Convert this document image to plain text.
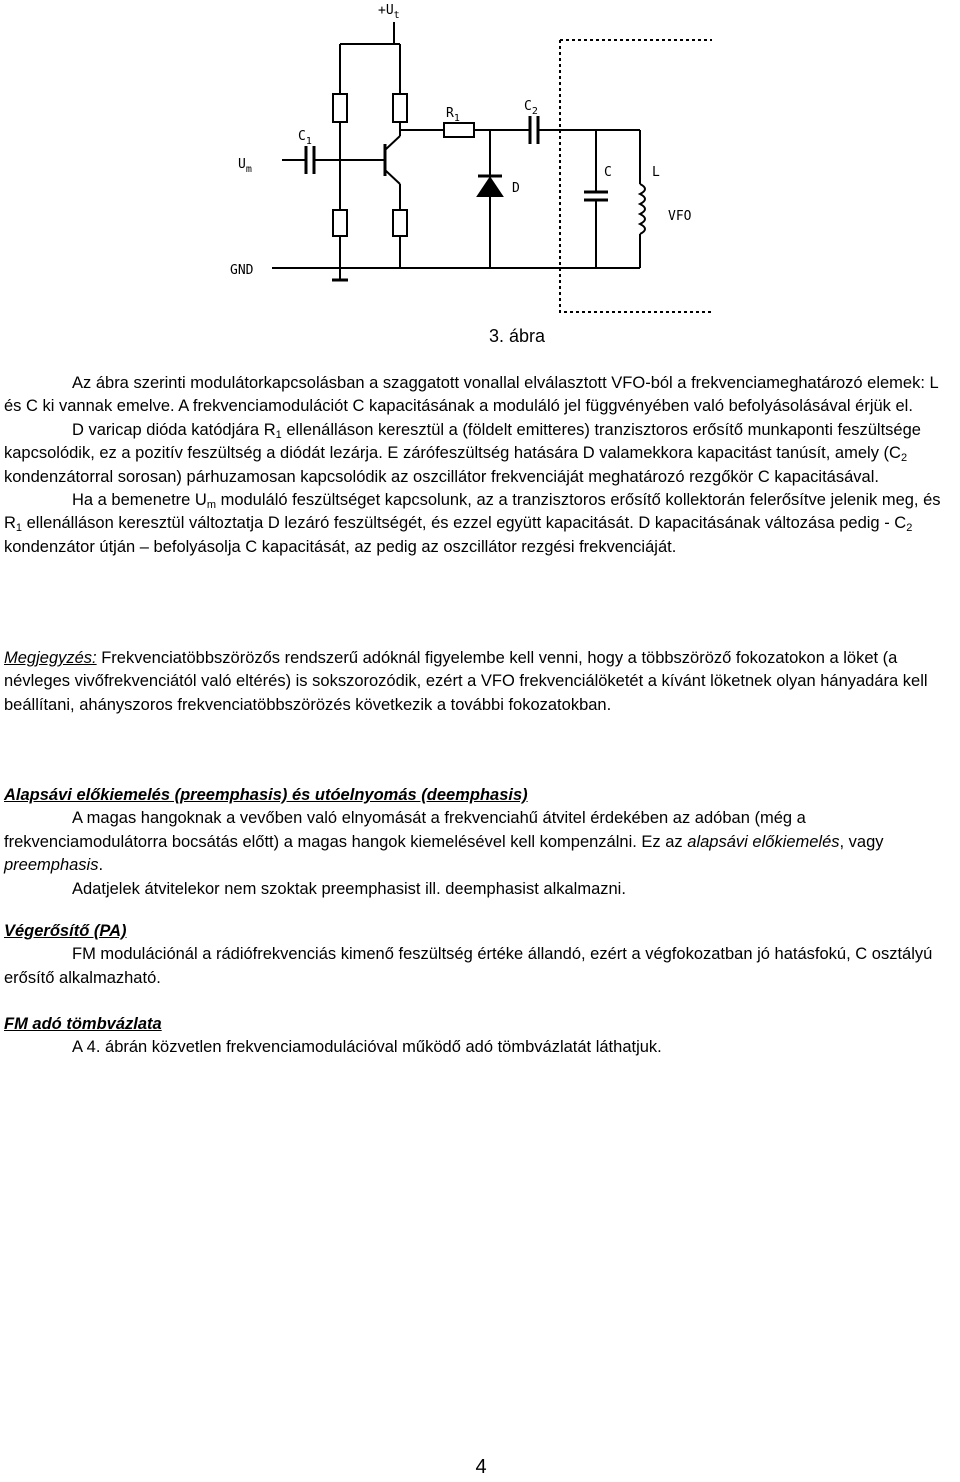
$+U_t$
$U_m$
$C_1$
$R_1$
$C_2$
D
C	L
VFO
GND
3. ábra

Az ábra szerinti modulátorkapcsolásban a szaggatott vonallal elválasztott VFO-ból a frekvenciameghatározó elemek: L és C ki vannak emelve. A frekvenciamodulációt C kapacitásának a moduláló jel függvényében való befolyásolásával érjük el.

D varicap dióda katódjára $R_1$ ellenálláson keresztül a (földelt emitteres) tranzisztoros erősítő munkaponti feszültsége kapcsolódik, ez a pozitív feszültség a diódát lezárja. E zárófeszültség hatására D valamekkora kapacitást tanúsít, amely ($C_2$ kondenzátorral sorosan) párhuzamosan kapcsolódik az oszcillátor frekvenciáját meghatározó rezgőkör C kapacitásával.

Ha a bemenetre $U_m$ moduláló feszültséget kapcsolunk, az a tranzisztoros erősítő kollektorán felerősítve jelenik meg, és $R_1$ ellenálláson keresztül változtatja D lezáró feszültségét, és ezzel együtt kapacitását. D kapacitásának változása pedig - $C_2$ kondenzátor útján – befolyásolja C kapacitását, az pedig az oszcillátor rezgési frekvenciáját.

Megjegyzés: Frekvenciatöbbszörözős rendszerű adóknál figyelembe kell venni, hogy a többszöröző fokozatokon a löket (a névleges vivőfrekvenciától való eltérés) is sokszorozódik, ezért a VFO frekvenciálöketét a kívánt löketnek olyan hányadára kell beállítani, ahányszoros frekvenciatöbbszörözés következik a további fokozatokban.

Alapsávi előkiemelés (preemphasis) és utóelnyomás (deemphasis)

A magas hangoknak a vevőben való elnyomását a frekvenciahű átvitel érdekében az adóban (még a frekvenciamodulátorra bocsátás előtt) a magas hangok kiemelésével kell kompenzálni. Ez az alapsávi előkiemelés, vagy preemphasis.

Adatjelek átvitelekor nem szoktak preemphasist ill. deemphasist alkalmazni.

Végerősítő (PA)

FM modulációnál a rádiófrekvenciás kimenő feszültség értéke állandó, ezért a végfokozatban jó hatásfokú, C osztályú erősítő alkalmazható.

FM adó tömbvázlata

A 4. ábrán közvetlen frekvenciamodulációval működő adó tömbvázlatát láthatjuk.

4
